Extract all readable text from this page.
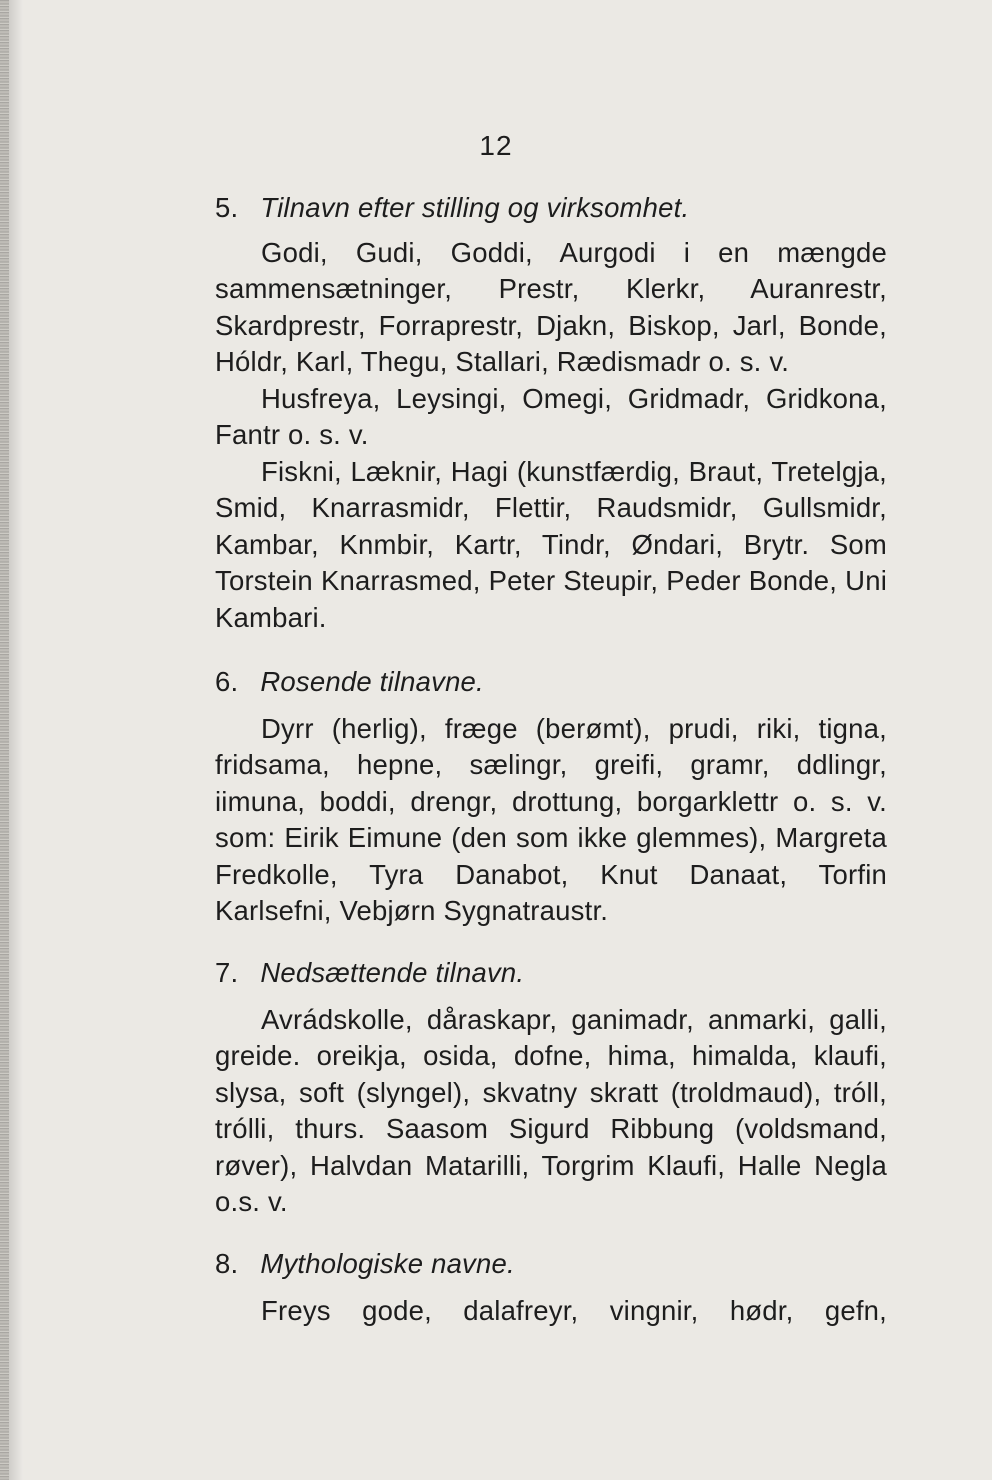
12

5. Tilnavn efter stilling og virksomhet.

Godi, Gudi, Goddi, Aurgodi i en mængde sammensætninger, Prestr, Klerkr, Auranrestr, Skardprestr, Forraprestr, Djakn, Biskop, Jarl, Bonde, Hóldr, Karl, Thegu, Stallari, Rædismadr o. s. v.

Husfreya, Leysingi, Omegi, Gridmadr, Gridkona, Fantr o. s. v.

Fiskni, Læknir, Hagi (kunstfærdig, Braut, Tretelgja, Smid, Knarrasmidr, Flettir, Raudsmidr, Gullsmidr, Kambar, Knmbir, Kartr, Tindr, Øndari, Brytr. Som Torstein Knarrasmed, Peter Steupir, Peder Bonde, Uni Kambari.

6. Rosende tilnavne.

Dyrr (herlig), fræge (berømt), prudi, riki, tigna, fridsama, hepne, sælingr, greifi, gramr, ddlingr, iimuna, boddi, drengr, drottung, borgarklettr o. s. v. som: Eirik Eimune (den som ikke glemmes), Margreta Fredkolle, Tyra Danabot, Knut Danaat, Torfin Karlsefni, Vebjørn Sygnatraustr.

7. Nedsættende tilnavn.

Avrádskolle, dåraskapr, ganimadr, anmarki, galli, greide. oreikja, osida, dofne, hima, himalda, klaufi, slysa, soft (slyngel), skvatny skratt (troldmaud), tróll, trólli, thurs. Saasom Sigurd Ribbung (voldsmand, røver), Halvdan Matarilli, Torgrim Klaufi, Halle Negla o.s. v.

8. Mythologiske navne.

Freys gode, dalafreyr, vingnir, hødr, gefn,
